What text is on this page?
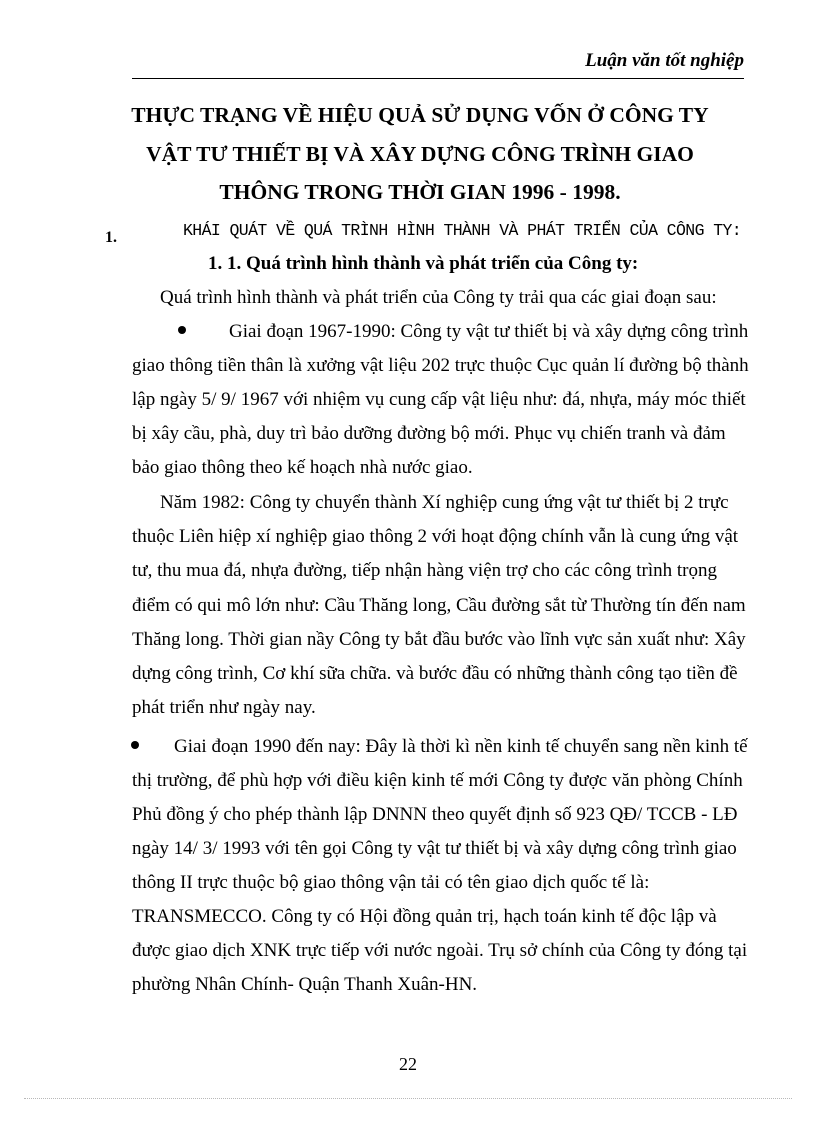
Luận văn tốt nghiệp
THỰC TRẠNG VỀ HIỆU QUẢ SỬ DỤNG VỐN Ở CÔNG TY
VẬT TƯ THIẾT BỊ VÀ XÂY DỰNG CÔNG TRÌNH GIAO
THÔNG TRONG THỜI GIAN 1996 - 1998.
1.	KHÁI QUÁT VỀ QUÁ TRÌNH HÌNH THÀNH VÀ PHÁT TRIỂN CỦA CÔNG TY:
1. 1. Quá trình hình thành và phát triển của Công ty:
Quá trình hình thành và phát triển của Công ty trải qua các giai đoạn sau:
Giai đoạn 1967-1990: Công ty vật tư thiết bị và xây dựng công trình
giao thông tiền thân là xưởng vật liệu 202 trực thuộc Cục quản lí đường bộ thành
lập ngày 5/ 9/ 1967 với nhiệm vụ cung cấp vật liệu như: đá, nhựa, máy móc thiết
bị xây cầu, phà, duy trì bảo dưỡng đường bộ mới. Phục vụ chiến tranh và đảm
bảo giao thông theo kế hoạch nhà nước giao.
Năm 1982: Công ty chuyển thành Xí nghiệp cung ứng vật tư thiết bị 2 trực
thuộc Liên hiệp xí nghiệp giao thông 2 với hoạt động chính vẫn là cung ứng vật
tư, thu mua đá, nhựa đường, tiếp nhận hàng viện trợ cho các công trình trọng
điểm có qui mô lớn như: Cầu Thăng long, Cầu đường sắt từ Thường tín đến nam
Thăng long. Thời gian nầy Công ty bắt đầu bước vào lĩnh vực sản xuất như: Xây
dựng công trình, Cơ khí sữa chữa. và bước đầu có những thành công tạo tiền đề
phát triển như ngày nay.
Giai đoạn 1990 đến nay: Đây là thời kì nền kinh tế chuyển sang nền kinh tế
thị trường, để phù hợp với điều kiện kinh tế mới Công ty được văn phòng Chính
Phủ đồng ý cho phép thành lập DNNN theo quyết định số 923 QĐ/ TCCB - LĐ
ngày 14/ 3/ 1993 với tên gọi Công ty vật tư thiết bị và xây dựng công trình giao
thông II trực thuộc bộ giao thông vận tải có tên giao dịch quốc tế là:
TRANSMECCO. Công ty có Hội đồng quản trị, hạch toán kinh tế độc lập và
được giao dịch XNK trực tiếp với nước ngoài. Trụ sở chính của Công ty đóng tại
phường Nhân Chính- Quận Thanh Xuân-HN.
22
